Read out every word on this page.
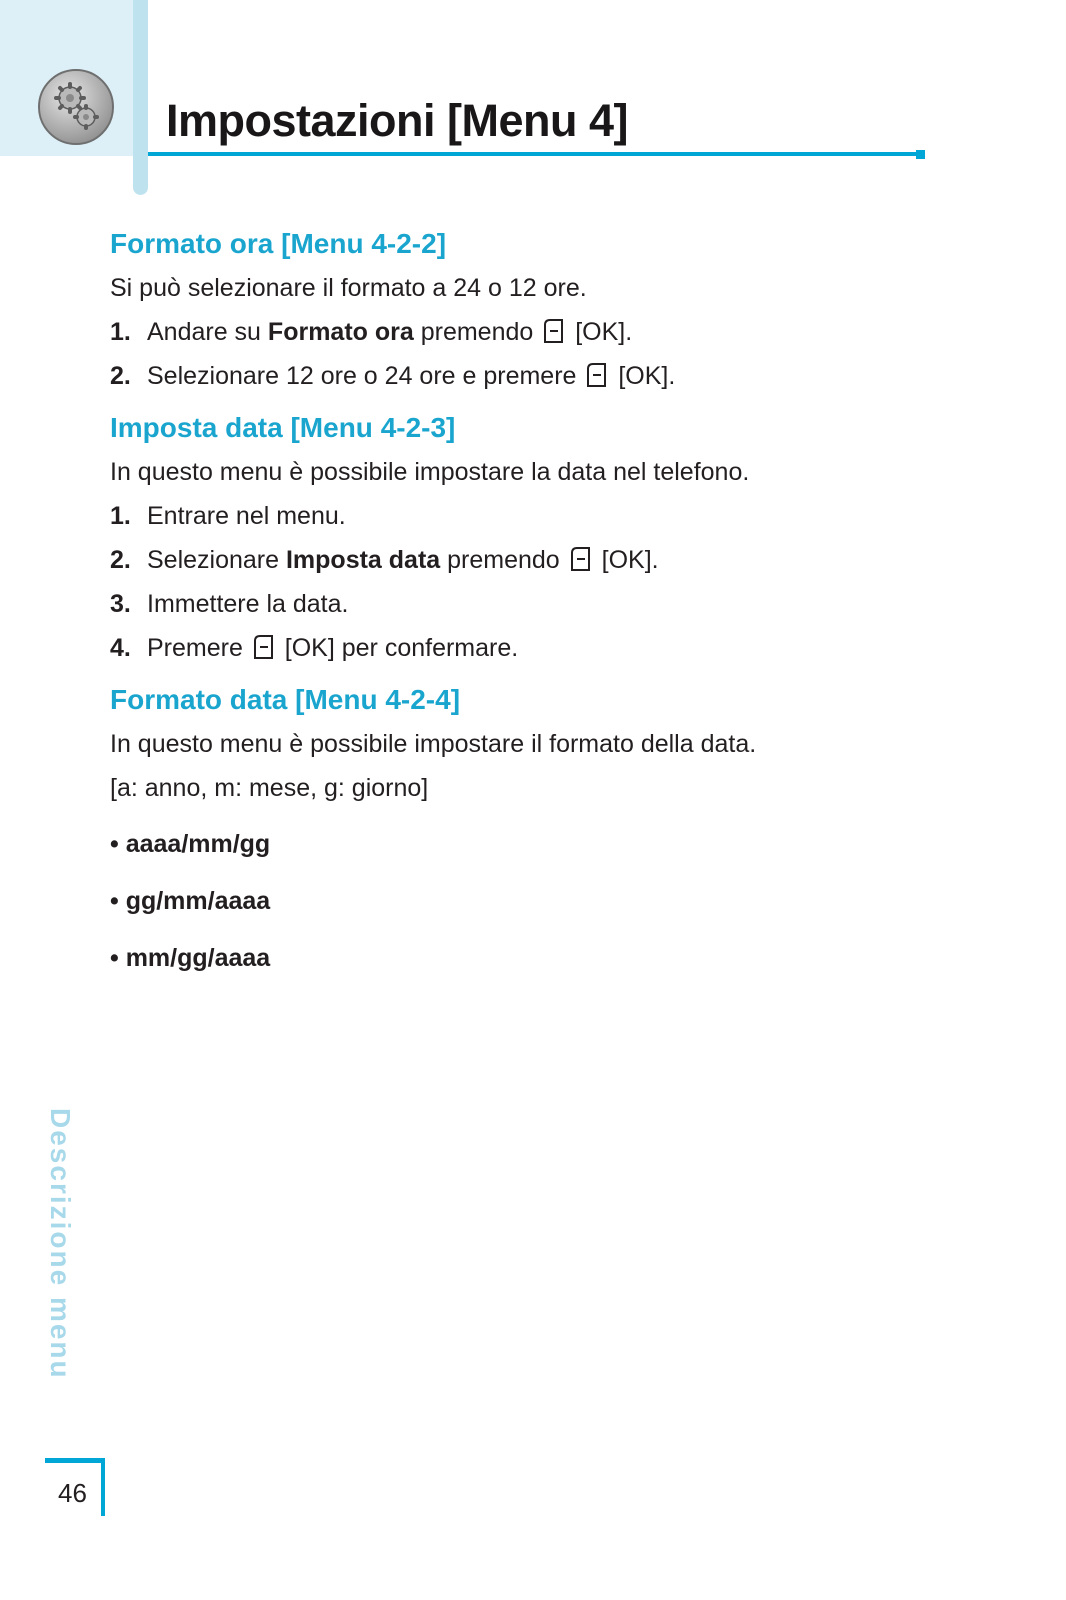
Impostazioni [Menu 4]
Formato ora [Menu 4-2-2]

Si può selezionare il formato a 24 o 12 ore.

1. Andare su Formato ora premendo [OK].

2. Selezionare 12 ore o 24 ore e premere [OK].

Imposta data [Menu 4-2-3]

In questo menu è possibile impostare la data nel telefono.

1. Entrare nel menu.

2. Selezionare Imposta data premendo [OK].

3. Immettere la data.

4. Premere [OK] per confermare.

Formato data [Menu 4-2-4]

In questo menu è possibile impostare il formato della data.

[a: anno, m: mese, g: giorno]

• aaaa/mm/gg

• gg/mm/aaaa

• mm/gg/aaaa

Descrizione menu
46
